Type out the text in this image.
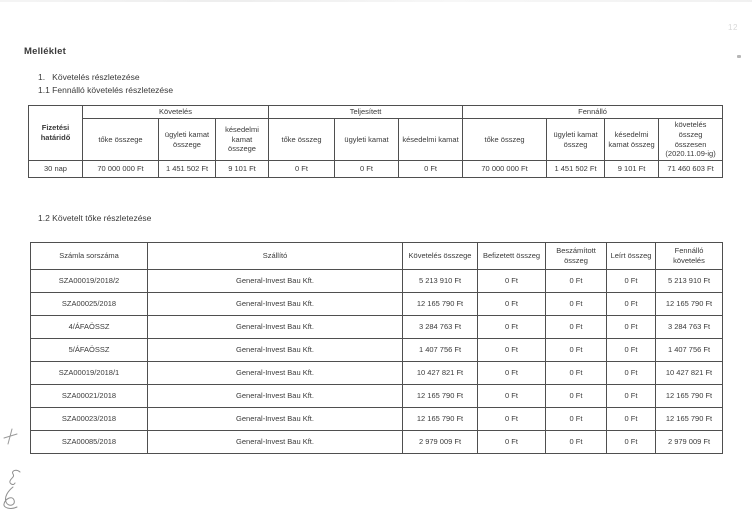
Melléklet
1.   Követelés részletezése
1.1 Fennálló követelés részletezése
Fizetési határidő	Követelés			Teljesített			Fennálló			
	tőke összege	ügyleti kamat összege	késedelmi kamat összege	tőke összeg	ügyleti kamat	késedelmi kamat	tőke összeg	ügyleti kamat összeg	késedelmi kamat összeg	követelés összeg összesen (2020.11.09-ig)
30 nap	70 000 000 Ft	1 451 502 Ft	9 101 Ft	0 Ft	0 Ft	0 Ft	70 000 000 Ft	1 451 502 Ft	9 101 Ft	71 460 603 Ft
1.2 Követelt tőke részletezése
Számla sorszáma	Szállító	Követelés összege	Befizetett összeg	Beszámított összeg	Leírt összeg	Fennálló követelés
SZA00019/2018/2	General-Invest Bau Kft.	5 213 910 Ft	0 Ft	0 Ft	0 Ft	5 213 910 Ft
SZA00025/2018	General-Invest Bau Kft.	12 165 790 Ft	0 Ft	0 Ft	0 Ft	12 165 790 Ft
4/ÁFAÖSSZ	General-Invest Bau Kft.	3 284 763 Ft	0 Ft	0 Ft	0 Ft	3 284 763 Ft
5/ÁFAÖSSZ	General-Invest Bau Kft.	1 407 756 Ft	0 Ft	0 Ft	0 Ft	1 407 756 Ft
SZA00019/2018/1	General-Invest Bau Kft.	10 427 821 Ft	0 Ft	0 Ft	0 Ft	10 427 821 Ft
SZA00021/2018	General-Invest Bau Kft.	12 165 790 Ft	0 Ft	0 Ft	0 Ft	12 165 790 Ft
SZA00023/2018	General-Invest Bau Kft.	12 165 790 Ft	0 Ft	0 Ft	0 Ft	12 165 790 Ft
SZA00085/2018	General-Invest Bau Kft.	2 979 009 Ft	0 Ft	0 Ft	0 Ft	2 979 009 Ft
12
